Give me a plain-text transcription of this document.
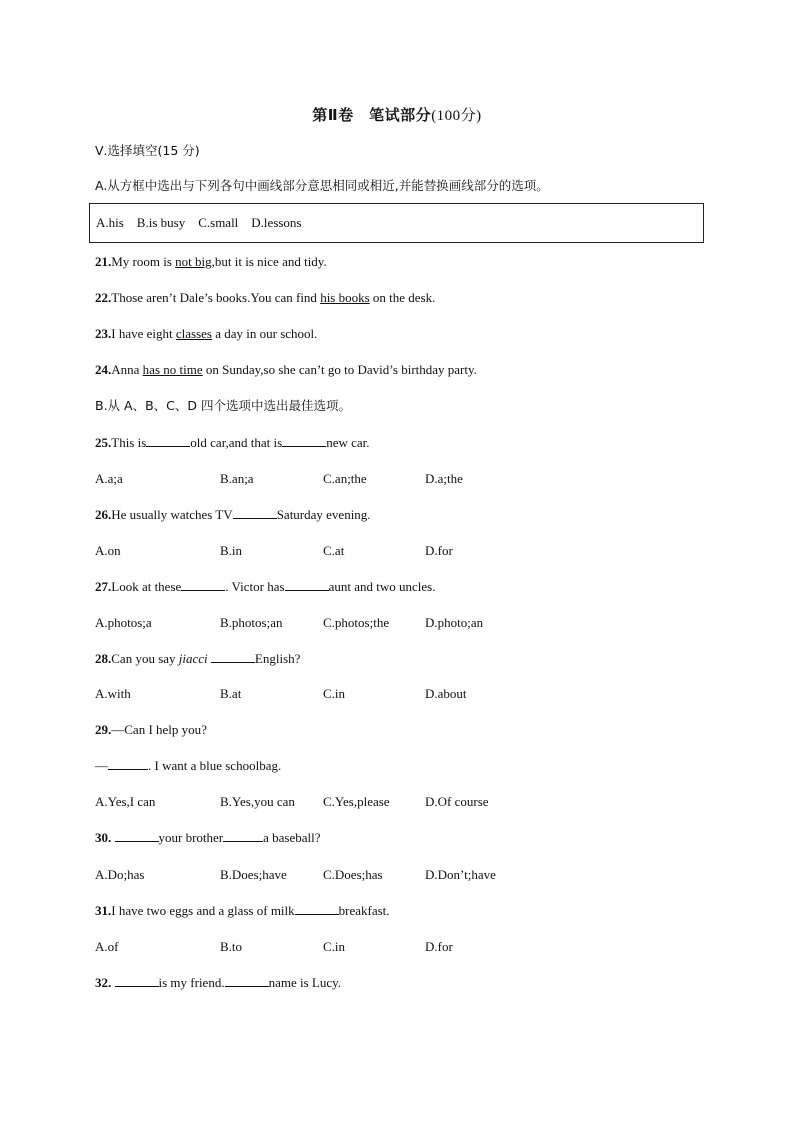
第Ⅱ卷　笔试部分(100分)
Ⅴ.选择填空(15 分)
A.从方框中选出与下列各句中画线部分意思相同或相近,并能替换画线部分的选项。
A.his    B.is busy    C.small    D.lessons
21.My room is not big,but it is nice and tidy.
22.Those aren’t Dale’s books.You can find his books on the desk.
23.I have eight classes a day in our school.
24.Anna has no time on Sunday,so she can’t go to David’s birthday party.
B.从 A、B、C、D 四个选项中选出最佳选项。
25.This is	old car,and that is	new car.
A.a;a	B.an;a	C.an;the	D.a;the
26.He usually watches TV	Saturday evening.
A.on	B.in	C.at	D.for
27.Look at these	. Victor has	aunt and two uncles.
A.photos;a	B.photos;an	C.photos;the	D.photo;an
28.Can you say jiacci	English?
A.with	B.at	C.in	D.about
29.—Can I help you?
—	. I want a blue schoolbag.
A.Yes,I can	B.Yes,you can C.Yes,please	D.Of course
30.	your brother	a baseball?
A.Do;has	B.Does;have	C.Does;has	D.Don’t;have
31.I have two eggs and a glass of milk	breakfast.
A.of	B.to	C.in	D.for
32.	is my friend.	name is Lucy.
